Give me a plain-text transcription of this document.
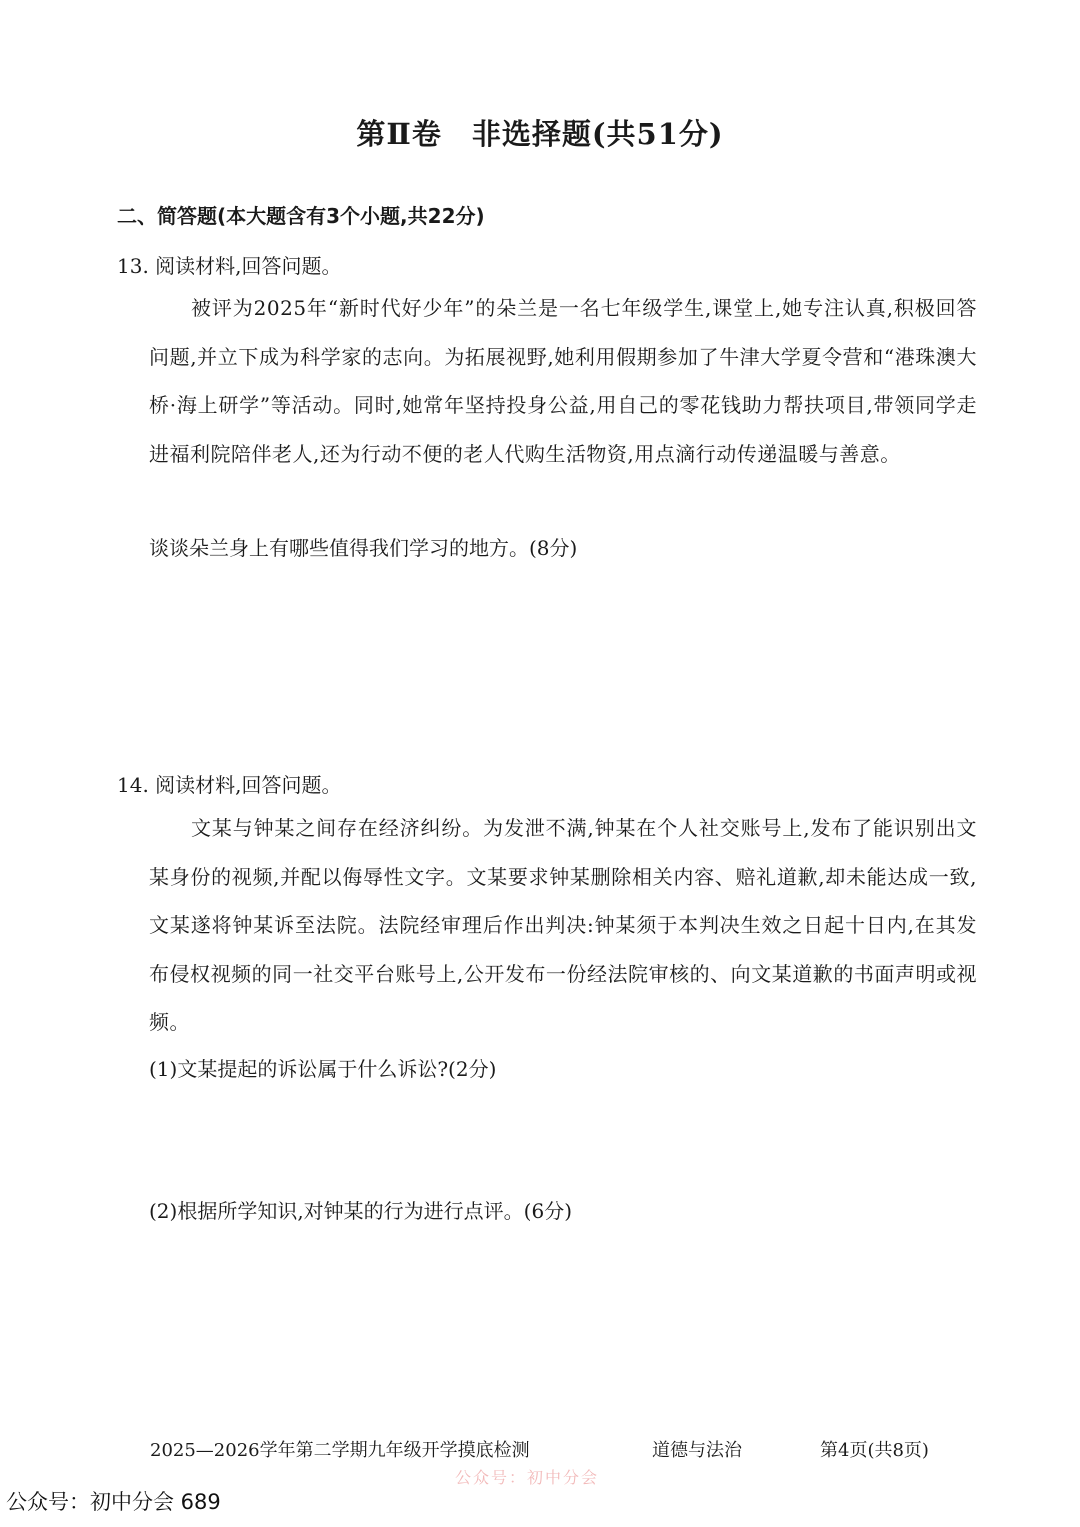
第Ⅱ卷　非选择题(共51分)
二、简答题(本大题含有3个小题,共22分)
13. 阅读材料,回答问题。
被评为2025年“新时代好少年”的朵兰是一名七年级学生,课堂上,她专注认真,积极回答问题,并立下成为科学家的志向。为拓展视野,她利用假期参加了牛津大学夏令营和“港珠澳大桥·海上研学”等活动。同时,她常年坚持投身公益,用自己的零花钱助力帮扶项目,带领同学走进福利院陪伴老人,还为行动不便的老人代购生活物资,用点滴行动传递温暖与善意。
谈谈朵兰身上有哪些值得我们学习的地方。(8分)
14. 阅读材料,回答问题。
文某与钟某之间存在经济纠纷。为发泄不满,钟某在个人社交账号上,发布了能识别出文某身份的视频,并配以侮辱性文字。文某要求钟某删除相关内容、赔礼道歉,却未能达成一致,文某遂将钟某诉至法院。法院经审理后作出判决:钟某须于本判决生效之日起十日内,在其发布侵权视频的同一社交平台账号上,公开发布一份经法院审核的、向文某道歉的书面声明或视频。
(1)文某提起的诉讼属于什么诉讼?(2分)
(2)根据所学知识,对钟某的行为进行点评。(6分)
2025—2026学年第二学期九年级开学摸底检测	道德与法治	第4页(共8页)
公众号：初中分会
公众号：初中分会 689
